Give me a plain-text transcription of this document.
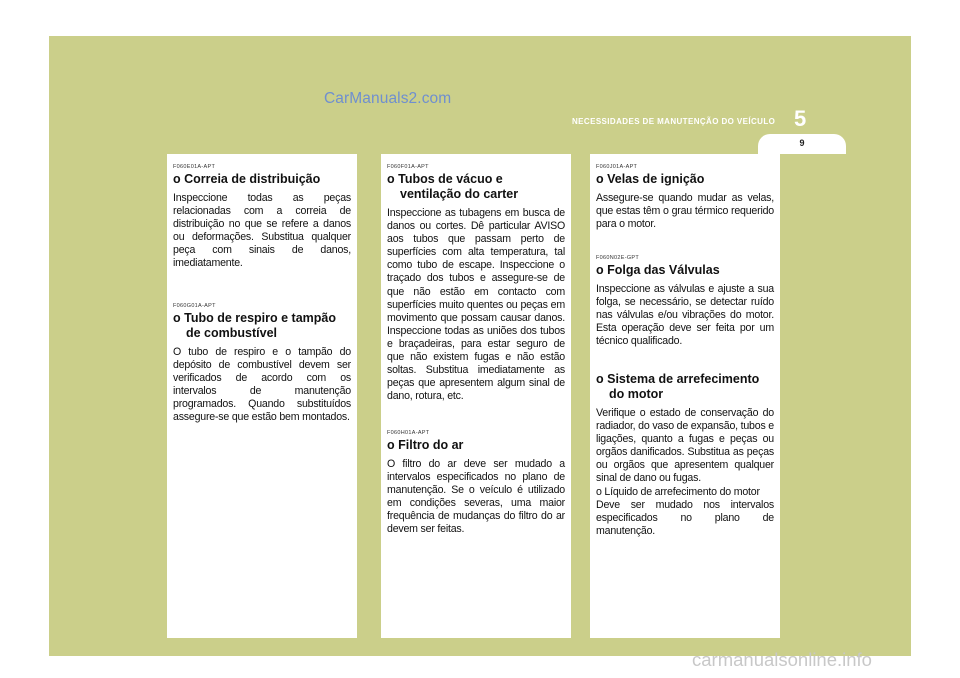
CarManuals2.com
NECESSIDADES DE MANUTENÇÃO DO VEÍCULO 5
9
F060E01A-APT
o Correia de distribuição
Inspeccione todas as peças relacionadas com a correia de distribuição no que se refere a danos ou deformações. Substitua qualquer peça com sinais de danos, imediatamente.
F060G01A-APT
o Tubo de respiro e tampão de combustível
O tubo de respiro e o tampão do depósito de combustível devem ser verificados de acordo com os intervalos de manutenção programados. Quando substituídos assegure-se que estão bem montados.
F060F01A-APT
o Tubos de vácuo e ventilação do carter
Inspeccione as tubagens em busca de danos ou cortes. Dê particular AVISO aos tubos que passam perto de superfícies com alta temperatura, tal como tubo de escape. Inspeccione o traçado dos tubos e assegure-se de que não estão em contacto com superfícies muito quentes ou peças em movimento que possam causar danos. Inspeccione todas as uniões dos tubos e braçadeiras, para estar seguro de que não existem fugas e não estão soltas. Substitua imediatamente as peças que apresentem algum sinal de dano, rotura, etc.
F060H01A-APT
o Filtro do ar
O filtro do ar deve ser mudado a intervalos especificados no plano de manutenção. Se o veículo é utilizado em condições severas, uma maior frequência de mudanças do filtro do ar devem ser feitas.
F060J01A-APT
o Velas de ignição
Assegure-se quando mudar as velas, que estas têm o grau térmico requerido para o motor.
F060N02E-GPT
o Folga das Válvulas
Inspeccione as válvulas e ajuste a sua folga, se necessário, se detectar ruído nas válvulas e/ou vibrações do motor. Esta operação deve ser feita por um técnico qualificado.
o Sistema de arrefecimento do motor
Verifique o estado de conservação do radiador, do vaso de expansão, tubos e ligações, quanto a fugas e peças ou orgãos danificados. Substitua as peças ou orgãos que apresentem qualquer sinal de dano ou fugas.
o Líquido de arrefecimento do motor
Deve ser mudado nos intervalos especificados no plano de manutenção.
carmanualsonline.info
